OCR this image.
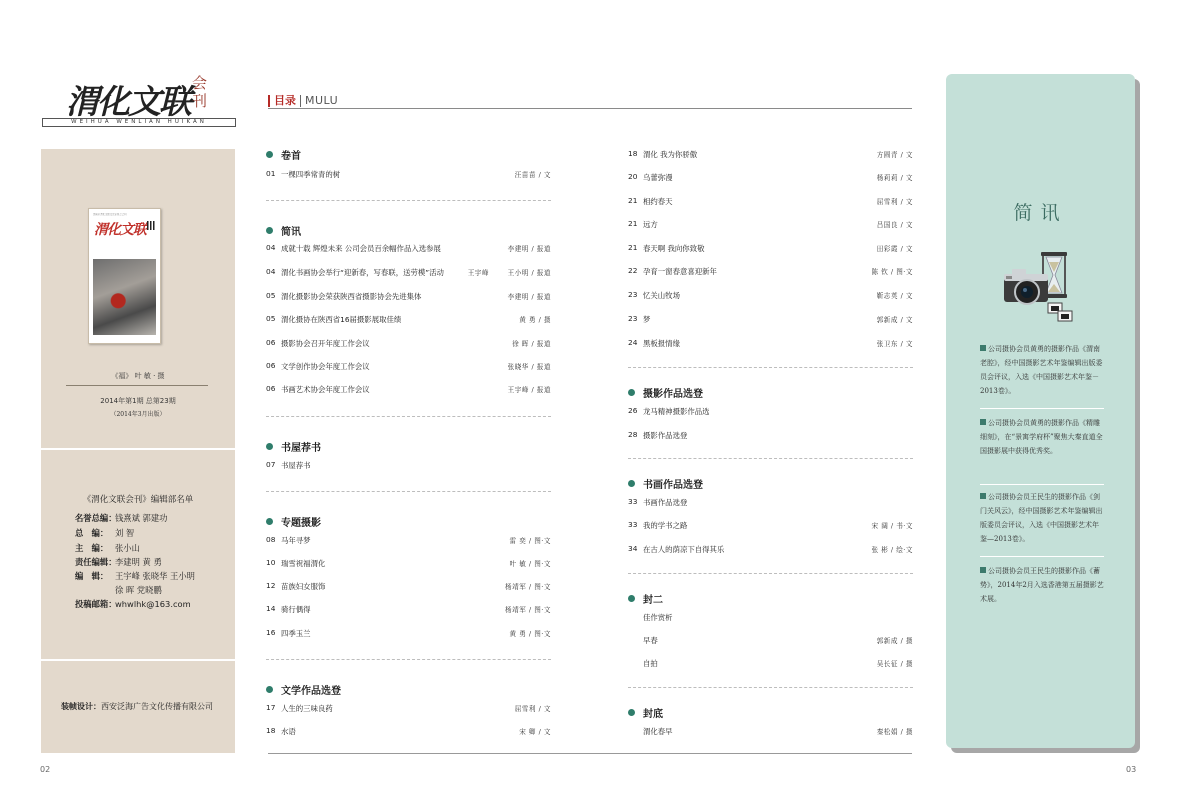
渭化文联 会刊
WEIHUA WENLIAN HUIKAN
目录 MULU
渭南市渭化文联文艺家协会会刊
渭化文联
《福》 叶 敏 · 摄
2014年第1期 总第23期
（2014年3月出版）
《渭化文联会刊》编辑部名单
名誉总编：钱熹斌 郭建功
总　编： 刘 智
主　编： 张小山
责任编辑：李建明 黄 勇
编　辑： 王宇峰 张晓华 王小明
徐 晖 党晓鹏
投稿邮箱：whwlhk@163.com
装帧设计：西安泛海广告文化传播有限公司
卷首
01 一棵四季常青的树	汪苗苗 / 文
简讯
04 成就十载 辉煌未来 公司会员百余幅作品入选参展	李建明 / 报道
04 渭化书画协会举行“迎新春，写春联，送劳模”活动	王宇峰	王小明 / 报道
05 渭化摄影协会荣获陕西省摄影协会先进集体	李建明 / 报道
05 渭化摄协在陕西省16届摄影展取佳绩	黄 勇 / 摄
06 摄影协会召开年度工作会议	徐 晖 / 报道
06 文学创作协会年度工作会议	张晓华 / 报道
06 书画艺术协会年度工作会议	王宇峰 / 报道
书屋荐书
07 书屋荐书
专题摄影
08 马年寻梦	雷 奕 / 图·文
10 瑞雪祝福渭化	叶 敏 / 图·文
12 苗族妇女服饰	杨靖军 / 图·文
14 骑行偶得	杨靖军 / 图·文
16 四季玉兰	黄 勇 / 图·文
文学作品选登
17 人生的三味良药	屈雪利 / 文
18 水语	宋 卿 / 文
18 渭化 我为你骄傲	方圆青 / 文
20 乌蕾弥漫	杨莉莉 / 文
21 相约春天	屈雪利 / 文
21 远方	吕国良 / 文
21 春天啊 我向你致敬	田彩霞 / 文
22 孕育一窗春意喜迎新年	陈 钦 / 图·文
23 忆关山牧场	靳志英 / 文
23 梦	郭新成 / 文
24 黑板报情缘	张卫东 / 文
摄影作品选登
26 龙马精神摄影作品选
28 摄影作品选登
书画作品选登
33 书画作品选登
33 我的学书之路	宋 阔 / 书·文
34 在古人的荫凉下自得其乐	张 彬 / 绘·文
封二
佳作赏析
早春	郭新成 / 摄
自拍	吴长征 / 摄
封底
渭化春早	秦松娟 / 摄
简讯
公司摄协会员黄勇的摄影作品《渭南老腔》，经中国摄影艺术年鉴编辑出版委员会评议，入选《中国摄影艺术年鉴－2013卷》。
公司摄协会员黄勇的摄影作品《精雕细刻》，在“景寓学府杯”聚焦大秦直道全国摄影展中获得优秀奖。
公司摄协会员王民生的摄影作品《剑门关风云》，经中国摄影艺术年鉴编辑出版委员会评议，入选《中国摄影艺术年鉴—2013卷》。
公司摄协会员王民生的摄影作品《蓄势》，2014年2月入选香港第五届摄影艺术展。
02	03
